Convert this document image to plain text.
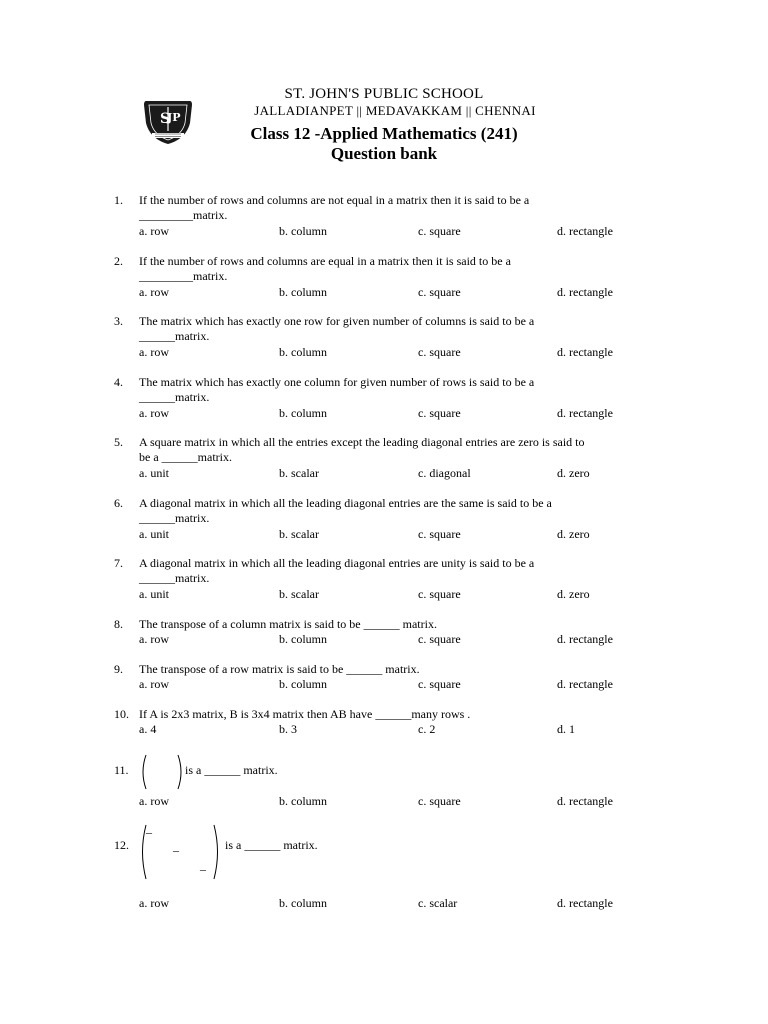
S
JP
ST. JOHN'S PUBLIC SCHOOL
JALLADIANPET || MEDAVAKKAM || CHENNAI
Class 12 -Applied Mathematics (241)
Question bank
1. If the number of rows and columns are not equal in a matrix then it is said to be a
_________matrix.
a. row	b. column	c. square	d. rectangle
2. If the number of rows and columns are equal in a matrix then it is said to be a
_________matrix.
a. row	b. column	c. square	d. rectangle
3. The matrix which has exactly one row for given number of columns is said to be a
______matrix.
a. row	b. column	c. square	d. rectangle
4. The matrix which has exactly one column for given number of rows is said to be a
______matrix.
a. row	b. column	c. square	d. rectangle
5. A square matrix in which all the entries except the leading diagonal entries are zero is said to
be a ______matrix.
a. unit	b. scalar	c. diagonal	d. zero
6. A diagonal matrix in which all the leading diagonal entries are the same is said to be a
______matrix.
a. unit	b. scalar	c. square	d. zero
7. A diagonal matrix in which all the leading diagonal entries are unity is said to be a
______matrix.
a. unit	b. scalar	c. square	d. zero
8. The transpose of a column matrix is said to be ______ matrix.
a. row	b. column	c. square	d. rectangle
9. The transpose of a row matrix is said to be ______ matrix.
a. row	b. column	c. square	d. rectangle
10. If A is 2x3 matrix, B is 3x4 matrix then AB have ______many rows .
a. 4	b. 3	c. 2	d. 1
11.	is a ______ matrix.
a. row	b. column	c. square	d. rectangle
12.
_
_
_
is a ______ matrix.
a. row	b. column	c. scalar	d. rectangle
